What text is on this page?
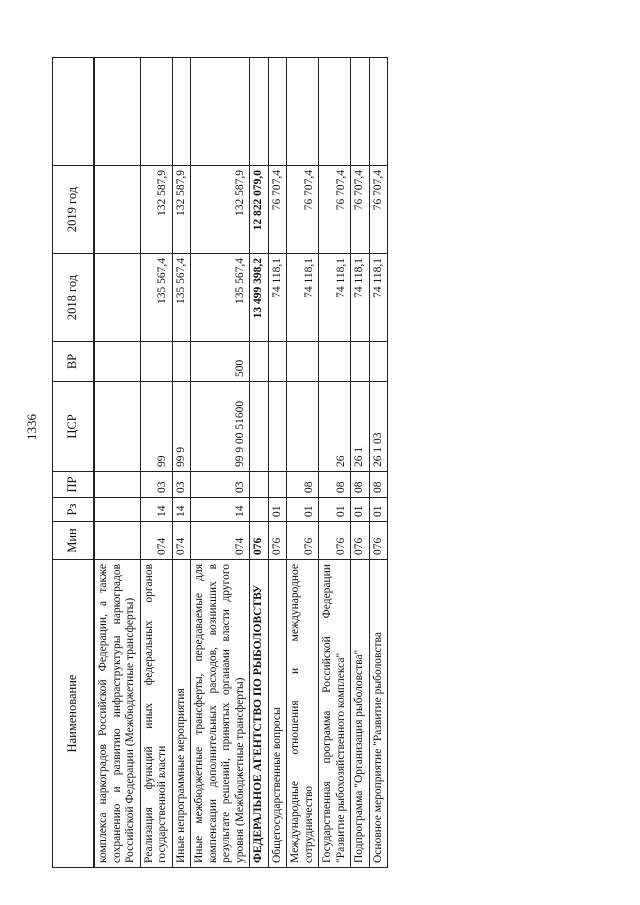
1336
Наименование	Мин	Рз	ПР	ЦСР	ВР	2018 год	2019 год	
комплекса наркоградов Российской Федерации, а также сохранению и развитию инфраструктуры наркоградов Российской Федерации (Межбюджетные трансферты)								
Реализация функций иных федеральных органов государственной власти	074	14	03	99		135 567,4	132 587,9	
Иные непрограммные мероприятия	074	14	03	99 9		135 567,4	132 587,9	
Иные межбюджетные трансферты, передаваемые для компенсации дополнительных расходов, возникших в результате решений, принятых органами власти другого уровня (Межбюджетные трансферты)	074	14	03	99 9 00 51600	500	135 567,4	132 587,9	
ФЕДЕРАЛЬНОЕ АГЕНТСТВО ПО РЫБОЛОВСТВУ	076					13 499 398,2	12 822 079,0	
Общегосударственные вопросы	076	01				74 118,1	76 707,4	
Международные отношения и международное сотрудничество	076	01	08			74 118,1	76 707,4	
Государственная программа Российской Федерации "Развитие рыбохозяйственного комплекса"	076	01	08	26		74 118,1	76 707,4	
Подпрограмма "Организация рыболовства"	076	01	08	26 1		74 118,1	76 707,4	
Основное мероприятие "Развитие рыболовства	076	01	08	26 1 03		74 118,1	76 707,4	
